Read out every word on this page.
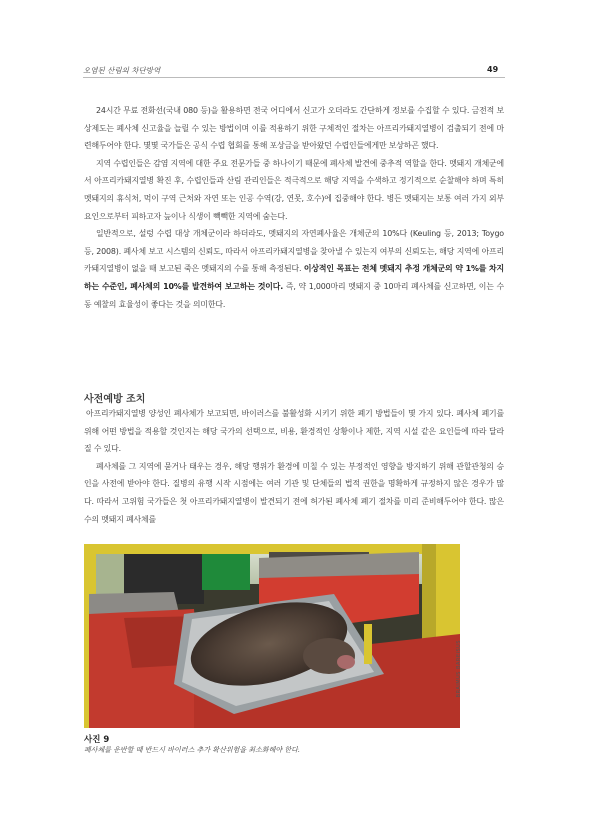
오염된 산림의 차단방역	49

24시간 무료 전화선(국내 080 등)을 활용하면 전국 어디에서 신고가 오더라도 간단하게 정보를 수집할 수 있다. 금전적 보상제도는 폐사체 신고율을 늘릴 수 있는 방법이며 이를 적용하기 위한 구체적인 절차는 아프리카돼지열병이 검출되기 전에 마련해두어야 한다. 몇몇 국가들은 공식 수렵 협회를 통해 포상금을 받아왔던 수렵인들에게만 보상하곤 했다.

지역 수렵인들은 감염 지역에 대한 주요 전문가들 중 하나이기 때문에 폐사체 발견에 중추적 역할을 한다. 멧돼지 개체군에서 아프리카돼지열병 확진 후, 수렵인들과 산림 관리인들은 적극적으로 해당 지역을 수색하고 정기적으로 순찰해야 하며 특히 멧돼지의 휴식처, 먹이 구역 근처와 자연 또는 인공 수역(강, 연못, 호수)에 집중해야 한다. 병든 멧돼지는 보통 여러 가지 외부요인으로부터 피하고자 늪이나 식생이 빽빽한 지역에 숨는다.

일반적으로, 설렁 수렵 대상 개체군이라 하더라도, 멧돼지의 자연폐사율은 개체군의 10%다 (Keuling 등, 2013; Toygo 등, 2008). 폐사체 보고 시스템의 신뢰도, 따라서 아프리카돼지열병을 찾아낼 수 있는지 여부의 신뢰도는, 해당 지역에 아프리카돼지열병이 없을 때 보고된 죽은 멧돼지의 수를 통해 측정된다. 이상적인 목표는 전체 멧돼지 추정 개체군의 약 1%를 차지하는 수준인, 폐사체의 10%를 발견하여 보고하는 것이다. 즉, 약 1,000마리 멧돼지 중 10마리 폐사체를 신고하면, 이는 수동 예찰의 효율성이 좋다는 것을 의미한다.

사전예방 조치

아프리카돼지열병 양성인 폐사체가 보고되면, 바이러스를 불활성화 시키기 위한 폐기 방법들이 몇 가지 있다. 폐사체 폐기를 위해 어떤 방법을 적용할 것인지는 해당 국가의 선택으로, 비용, 환경적인 상황이나 제한, 지역 시설 같은 요인들에 따라 달라질 수 있다.

폐사체를 그 지역에 묻거나 태우는 경우, 해당 행위가 환경에 미칠 수 있는 부정적인 영향을 방지하기 위해 관할관청의 승인을 사전에 받아야 한다. 질병의 유행 시작 시점에는 여러 기관 및 단체들의 법적 권한을 명확하게 규정하지 않은 경우가 많다. 따라서 고위험 국가들은 첫 아프리카돼지열병이 발견되기 전에 허가된 폐사체 폐기 절차를 미리 준비해두어야 한다. 많은 수의 멧돼지 폐사체를

BRAIMUS BAREISUS
사진 9
폐사체를 운반할 때 반드시 바이러스 추가 확산위험을 최소화해야 한다.
